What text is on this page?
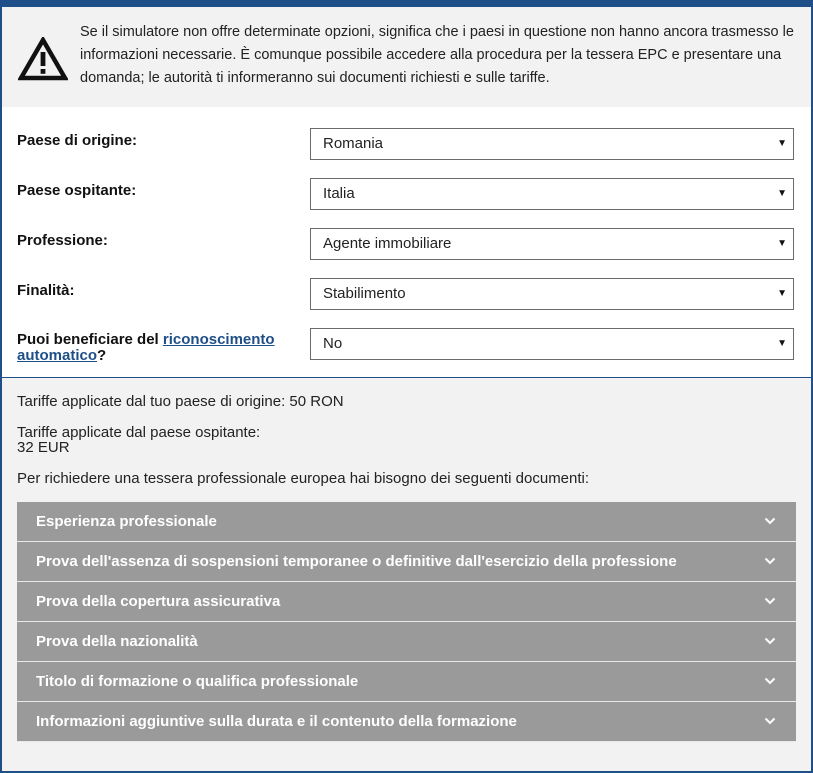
Se il simulatore non offre determinate opzioni, significa che i paesi in questione non hanno ancora trasmesso le informazioni necessarie. È comunque possibile accedere alla procedura per la tessera EPC e presentare una domanda; le autorità ti informeranno sui documenti richiesti e sulle tariffe.
Paese di origine:	Romania	▼
Paese ospitante:	Italia	▼
Professione:	Agente immobiliare	▼
Finalità:	Stabilimento	▼
Puoi beneficiare del riconoscimento automatico?
No	▼
Tariffe applicate dal tuo paese di origine: 50 RON
Tariffe applicate dal paese ospitante:
32 EUR
Per richiedere una tessera professionale europea hai bisogno dei seguenti documenti:
Esperienza professionale
Prova dell'assenza di sospensioni temporanee o definitive dall'esercizio della professione
Prova della copertura assicurativa
Prova della nazionalità
Titolo di formazione o qualifica professionale
Informazioni aggiuntive sulla durata e il contenuto della formazione
